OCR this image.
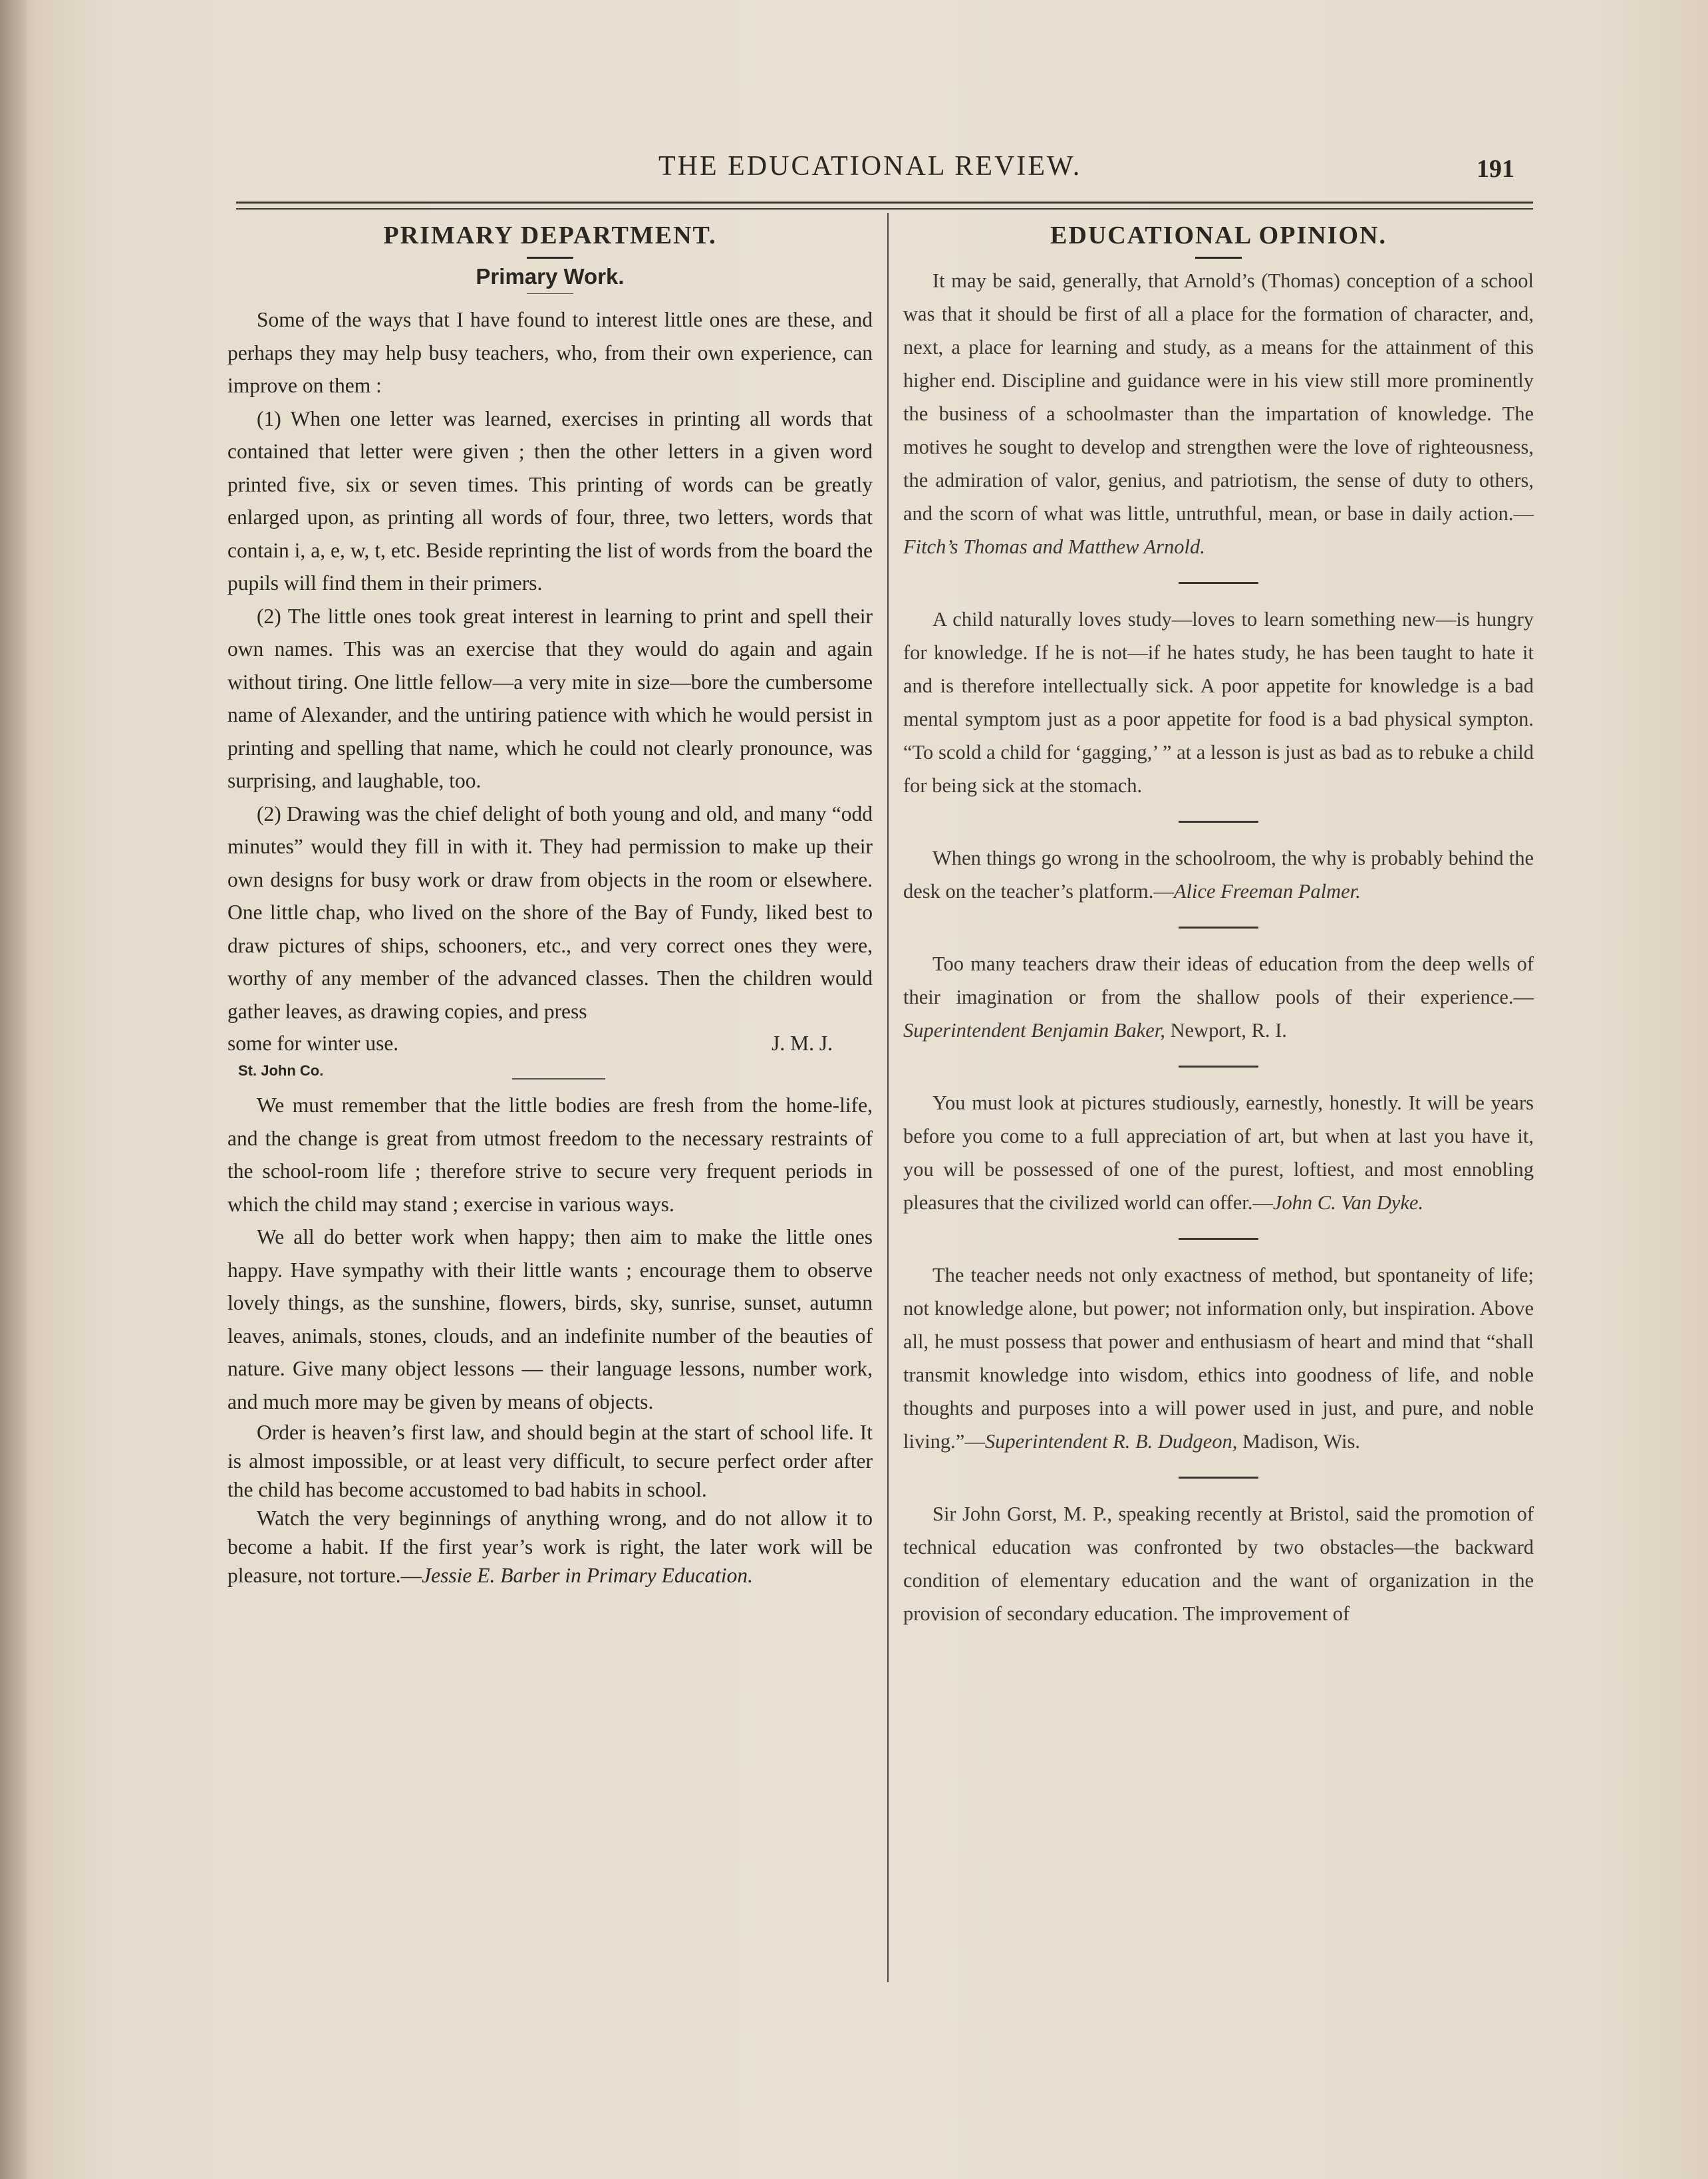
THE EDUCATIONAL REVIEW.	191
PRIMARY DEPARTMENT.
Primary Work.

Some of the ways that I have found to interest little ones are these, and perhaps they may help busy teachers, who, from their own experience, can improve on them :

(1) When one letter was learned, exercises in printing all words that contained that letter were given ; then the other letters in a given word printed five, six or seven times. This printing of words can be greatly enlarged upon, as printing all words of four, three, two letters, words that contain i, a, e, w, t, etc. Beside reprinting the list of words from the board the pupils will find them in their primers.

(2) The little ones took great interest in learning to print and spell their own names. This was an exercise that they would do again and again without tiring. One little fellow—a very mite in size—bore the cumbersome name of Alexander, and the untiring patience with which he would persist in printing and spelling that name, which he could not clearly pronounce, was surprising, and laughable, too.

(2) Drawing was the chief delight of both young and old, and many “odd minutes” would they fill in with it. They had permission to make up their own designs for busy work or draw from objects in the room or elsewhere. One little chap, who lived on the shore of the Bay of Fundy, liked best to draw pictures of ships, schooners, etc., and very correct ones they were, worthy of any member of the advanced classes. Then the children would gather leaves, as drawing copies, and press

some for winter use.	J. M. J.
St. John Co.

We must remember that the little bodies are fresh from the home-life, and the change is great from utmost freedom to the necessary restraints of the school-room life ; therefore strive to secure very frequent periods in which the child may stand ; exercise in various ways.

We all do better work when happy; then aim to make the little ones happy. Have sympathy with their little wants ; encourage them to observe lovely things, as the sunshine, flowers, birds, sky, sunrise, sunset, autumn leaves, animals, stones, clouds, and an indefinite number of the beauties of nature. Give many object lessons — their language lessons, number work, and much more may be given by means of objects.

Order is heaven’s first law, and should begin at the start of school life. It is almost impossible, or at least very difficult, to secure perfect order after the child has become accustomed to bad habits in school.

Watch the very beginnings of anything wrong, and do not allow it to become a habit. If the first year’s work is right, the later work will be pleasure, not torture.—Jessie E. Barber in Primary Education.

EDUCATIONAL OPINION.

It may be said, generally, that Arnold’s (Thomas) conception of a school was that it should be first of all a place for the formation of character, and, next, a place for learning and study, as a means for the attainment of this higher end. Discipline and guidance were in his view still more prominently the business of a schoolmaster than the impartation of knowledge. The motives he sought to develop and strengthen were the love of righteousness, the admiration of valor, genius, and patriotism, the sense of duty to others, and the scorn of what was little, untruthful, mean, or base in daily action.—Fitch’s Thomas and Matthew Arnold.

A child naturally loves study—loves to learn something new—is hungry for knowledge. If he is not—if he hates study, he has been taught to hate it and is therefore intellectually sick. A poor appetite for knowledge is a bad mental symptom just as a poor appetite for food is a bad physical sympton. “To scold a child for ‘gagging,’ ” at a lesson is just as bad as to rebuke a child for being sick at the stomach.

When things go wrong in the schoolroom, the why is probably behind the desk on the teacher’s platform.—Alice Freeman Palmer.

Too many teachers draw their ideas of education from the deep wells of their imagination or from the shallow pools of their experience.—Superintendent Benjamin Baker, Newport, R. I.

You must look at pictures studiously, earnestly, honestly. It will be years before you come to a full appreciation of art, but when at last you have it, you will be possessed of one of the purest, loftiest, and most ennobling pleasures that the civilized world can offer.—John C. Van Dyke.

The teacher needs not only exactness of method, but spontaneity of life; not knowledge alone, but power; not information only, but inspiration. Above all, he must possess that power and enthusiasm of heart and mind that “shall transmit knowledge into wisdom, ethics into goodness of life, and noble thoughts and purposes into a will power used in just, and pure, and noble living.”—Superintendent R. B. Dudgeon, Madison, Wis.

Sir John Gorst, M. P., speaking recently at Bristol, said the promotion of technical education was confronted by two obstacles—the backward condition of elementary education and the want of organization in the provision of secondary education. The improvement of
